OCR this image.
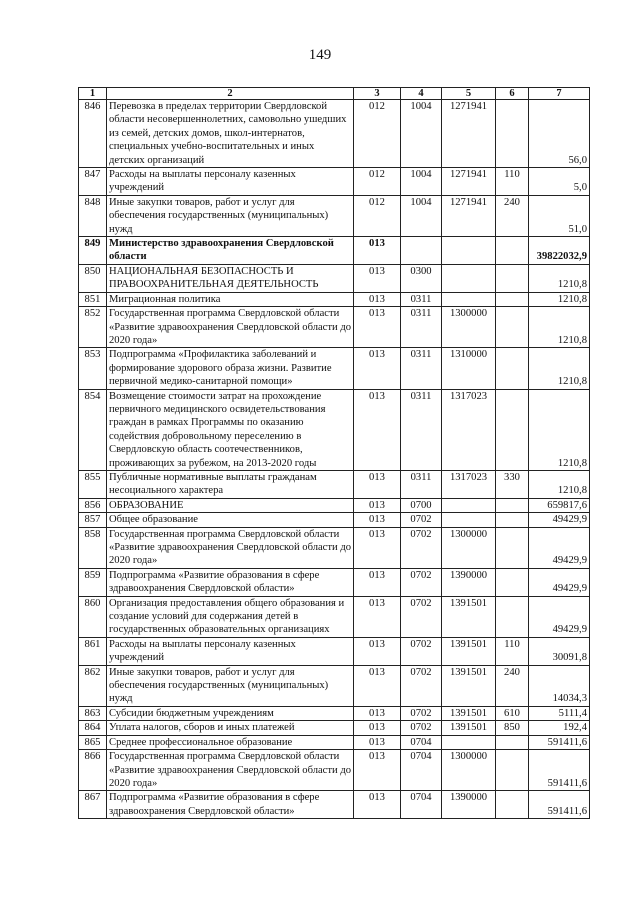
149
1	2	3	4	5	6	7
846	Перевозка в пределах территории Свердловской области несовершеннолетних, самовольно ушедших из семей, детских домов, школ-интернатов, специальных учебно-воспитательных и иных детских организаций	012	1004	1271941		56,0
847	Расходы на выплаты персоналу казенных учреждений	012	1004	1271941	110	5,0
848	Иные закупки товаров, работ и услуг для обеспечения государственных (муниципальных) нужд	012	1004	1271941	240	51,0
849	Министерство здравоохранения Свердловской области	013				39822032,9
850	НАЦИОНАЛЬНАЯ БЕЗОПАСНОСТЬ И ПРАВООХРАНИТЕЛЬНАЯ ДЕЯТЕЛЬНОСТЬ	013	0300			1210,8
851	Миграционная политика	013	0311			1210,8
852	Государственная программа Свердловской области «Развитие здравоохранения Свердловской области до 2020 года»	013	0311	1300000		1210,8
853	Подпрограмма «Профилактика заболеваний и формирование здорового образа жизни. Развитие первичной медико-санитарной помощи»	013	0311	1310000		1210,8
854	Возмещение стоимости затрат на прохождение первичного медицинского освидетельствования граждан в рамках Программы по оказанию содействия добровольному переселению в Свердловскую область соотечественников, проживающих за рубежом, на 2013-2020 годы	013	0311	1317023		1210,8
855	Публичные нормативные выплаты гражданам несоциального характера	013	0311	1317023	330	1210,8
856	ОБРАЗОВАНИЕ	013	0700			659817,6
857	Общее образование	013	0702			49429,9
858	Государственная программа Свердловской области «Развитие здравоохранения Свердловской области до 2020 года»	013	0702	1300000		49429,9
859	Подпрограмма «Развитие образования в сфере здравоохранения Свердловской области»	013	0702	1390000		49429,9
860	Организация предоставления общего образования и создание условий для содержания детей в государственных образовательных организациях	013	0702	1391501		49429,9
861	Расходы на выплаты персоналу казенных учреждений	013	0702	1391501	110	30091,8
862	Иные закупки товаров, работ и услуг для обеспечения государственных (муниципальных) нужд	013	0702	1391501	240	14034,3
863	Субсидии бюджетным учреждениям	013	0702	1391501	610	5111,4
864	Уплата налогов, сборов и иных платежей	013	0702	1391501	850	192,4
865	Среднее профессиональное образование	013	0704			591411,6
866	Государственная программа Свердловской области «Развитие здравоохранения Свердловской области до 2020 года»	013	0704	1300000		591411,6
867	Подпрограмма «Развитие образования в сфере здравоохранения Свердловской области»	013	0704	1390000		591411,6
